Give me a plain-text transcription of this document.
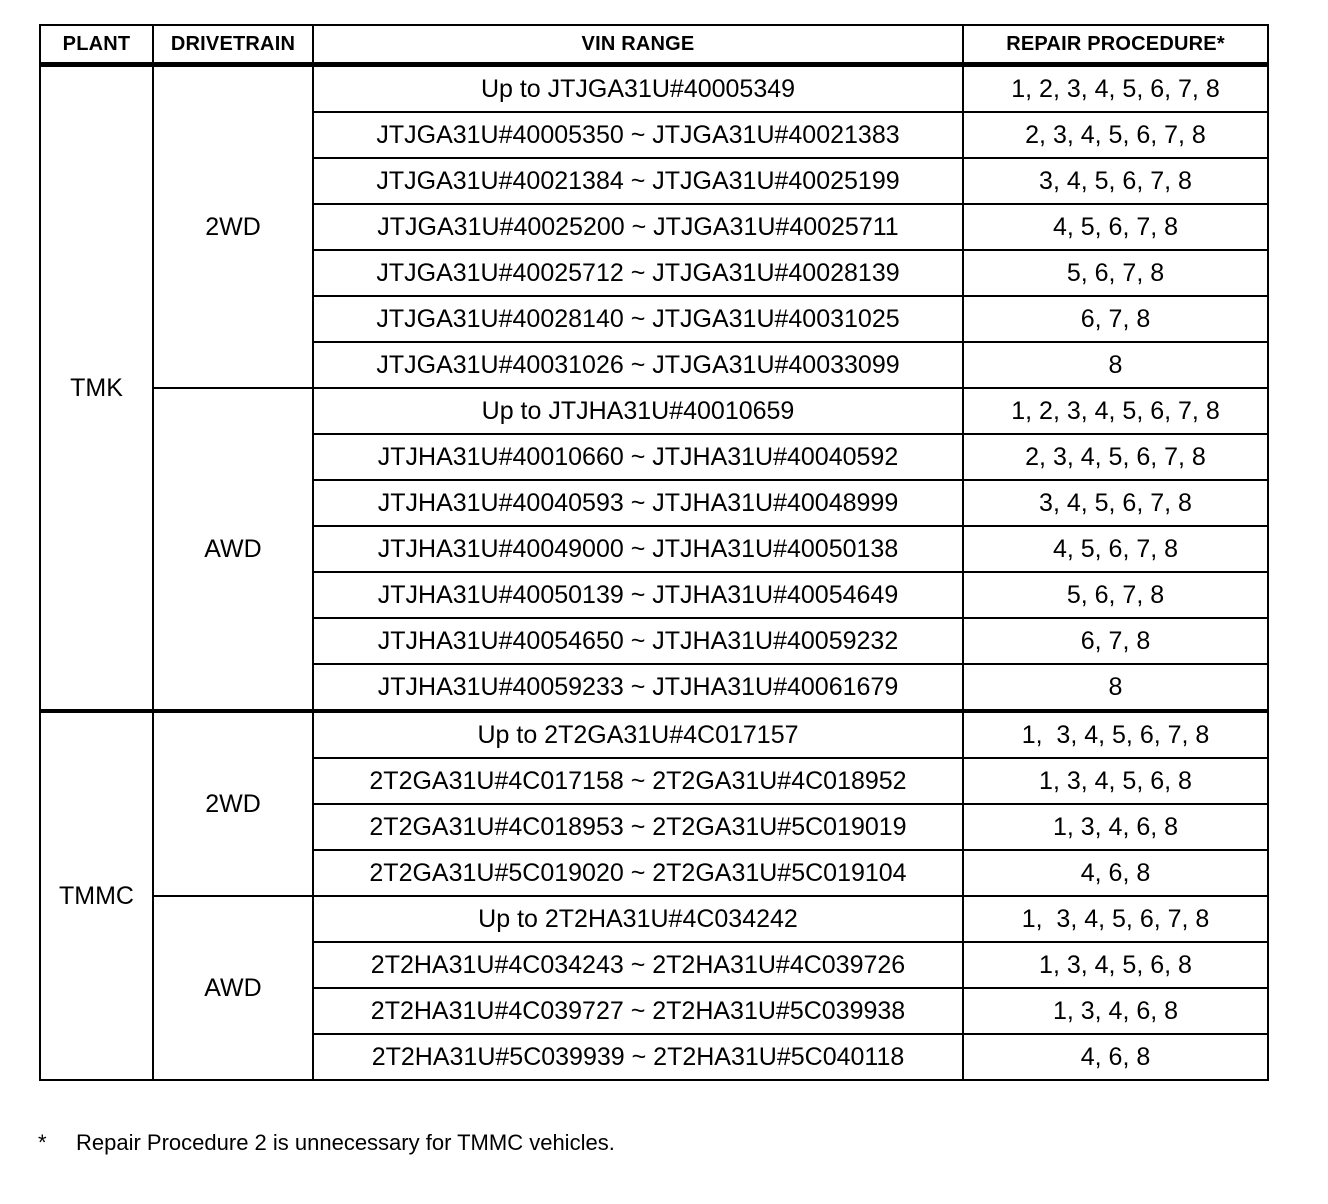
PLANT	DRIVETRAIN	VIN RANGE	REPAIR PROCEDURE*
TMK	2WD	Up to JTJGA31U#40005349	1, 2, 3, 4, 5, 6, 7, 8
		JTJGA31U#40005350 ~ JTJGA31U#40021383	2, 3, 4, 5, 6, 7, 8
		JTJGA31U#40021384 ~ JTJGA31U#40025199	3, 4, 5, 6, 7, 8
		JTJGA31U#40025200 ~ JTJGA31U#40025711	4, 5, 6, 7, 8
		JTJGA31U#40025712 ~ JTJGA31U#40028139	5, 6, 7, 8
		JTJGA31U#40028140 ~ JTJGA31U#40031025	6, 7, 8
		JTJGA31U#40031026 ~ JTJGA31U#40033099	8
	AWD	Up to JTJHA31U#40010659	1, 2, 3, 4, 5, 6, 7, 8
		JTJHA31U#40010660 ~ JTJHA31U#40040592	2, 3, 4, 5, 6, 7, 8
		JTJHA31U#40040593 ~ JTJHA31U#40048999	3, 4, 5, 6, 7, 8
		JTJHA31U#40049000 ~ JTJHA31U#40050138	4, 5, 6, 7, 8
		JTJHA31U#40050139 ~ JTJHA31U#40054649	5, 6, 7, 8
		JTJHA31U#40054650 ~ JTJHA31U#40059232	6, 7, 8
		JTJHA31U#40059233 ~ JTJHA31U#40061679	8
TMMC	2WD	Up to 2T2GA31U#4C017157	1,  3, 4, 5, 6, 7, 8
		2T2GA31U#4C017158 ~ 2T2GA31U#4C018952	1, 3, 4, 5, 6, 8
		2T2GA31U#4C018953 ~ 2T2GA31U#5C019019	1, 3, 4, 6, 8
		2T2GA31U#5C019020 ~ 2T2GA31U#5C019104	4, 6, 8
	AWD	Up to 2T2HA31U#4C034242	1,  3, 4, 5, 6, 7, 8
		2T2HA31U#4C034243 ~ 2T2HA31U#4C039726	1, 3, 4, 5, 6, 8
		2T2HA31U#4C039727 ~ 2T2HA31U#5C039938	1, 3, 4, 6, 8
		2T2HA31U#5C039939 ~ 2T2HA31U#5C040118	4, 6, 8
* Repair Procedure 2 is unnecessary for TMMC vehicles.
